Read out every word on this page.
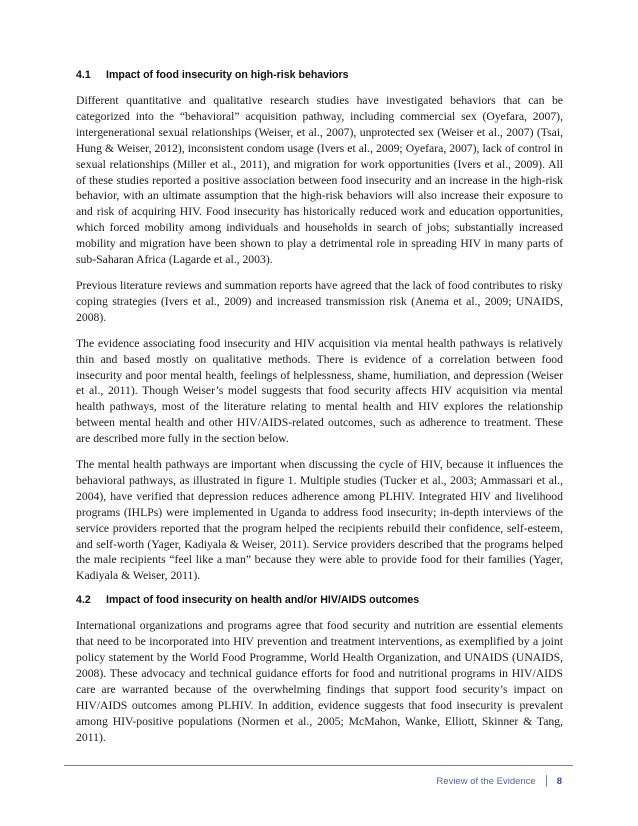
4.1	Impact of food insecurity on high-risk behaviors

Different quantitative and qualitative research studies have investigated behaviors that can be categorized into the “behavioral” acquisition pathway, including commercial sex (Oyefara, 2007), intergenerational sexual relationships (Weiser, et al., 2007), unprotected sex (Weiser et al., 2007) (Tsai, Hung & Weiser, 2012), inconsistent condom usage (Ivers et al., 2009; Oyefara, 2007), lack of control in sexual relationships (Miller et al., 2011), and migration for work opportunities (Ivers et al., 2009). All of these studies reported a positive association between food insecurity and an increase in the high-risk behavior, with an ultimate assumption that the high-risk behaviors will also increase their exposure to and risk of acquiring HIV. Food insecurity has historically reduced work and education opportunities, which forced mobility among individuals and households in search of jobs; substantially increased mobility and migration have been shown to play a detrimental role in spreading HIV in many parts of sub-Saharan Africa (Lagarde et al., 2003).

Previous literature reviews and summation reports have agreed that the lack of food contributes to risky coping strategies (Ivers et al., 2009) and increased transmission risk (Anema et al., 2009; UNAIDS, 2008).

The evidence associating food insecurity and HIV acquisition via mental health pathways is relatively thin and based mostly on qualitative methods. There is evidence of a correlation between food insecurity and poor mental health, feelings of helplessness, shame, humiliation, and depression (Weiser et al., 2011). Though Weiser’s model suggests that food security affects HIV acquisition via mental health pathways, most of the literature relating to mental health and HIV explores the relationship between mental health and other HIV/AIDS-related outcomes, such as adherence to treatment. These are described more fully in the section below.

The mental health pathways are important when discussing the cycle of HIV, because it influences the behavioral pathways, as illustrated in figure 1. Multiple studies (Tucker et al., 2003; Ammassari et al., 2004), have verified that depression reduces adherence among PLHIV. Integrated HIV and livelihood programs (IHLPs) were implemented in Uganda to address food insecurity; in-depth interviews of the service providers reported that the program helped the recipients rebuild their confidence, self-esteem, and self-worth (Yager, Kadiyala & Weiser, 2011). Service providers described that the programs helped the male recipients “feel like a man” because they were able to provide food for their families (Yager, Kadiyala & Weiser, 2011).

4.2	Impact of food insecurity on health and/or HIV/AIDS outcomes

International organizations and programs agree that food security and nutrition are essential elements that need to be incorporated into HIV prevention and treatment interventions, as exemplified by a joint policy statement by the World Food Programme, World Health Organization, and UNAIDS (UNAIDS, 2008). These advocacy and technical guidance efforts for food and nutritional programs in HIV/AIDS care are warranted because of the overwhelming findings that support food security’s impact on HIV/AIDS outcomes among PLHIV. In addition, evidence suggests that food insecurity is prevalent among HIV-positive populations (Normen et al., 2005; McMahon, Wanke, Elliott, Skinner & Tang, 2011).

Review of the Evidence 8
